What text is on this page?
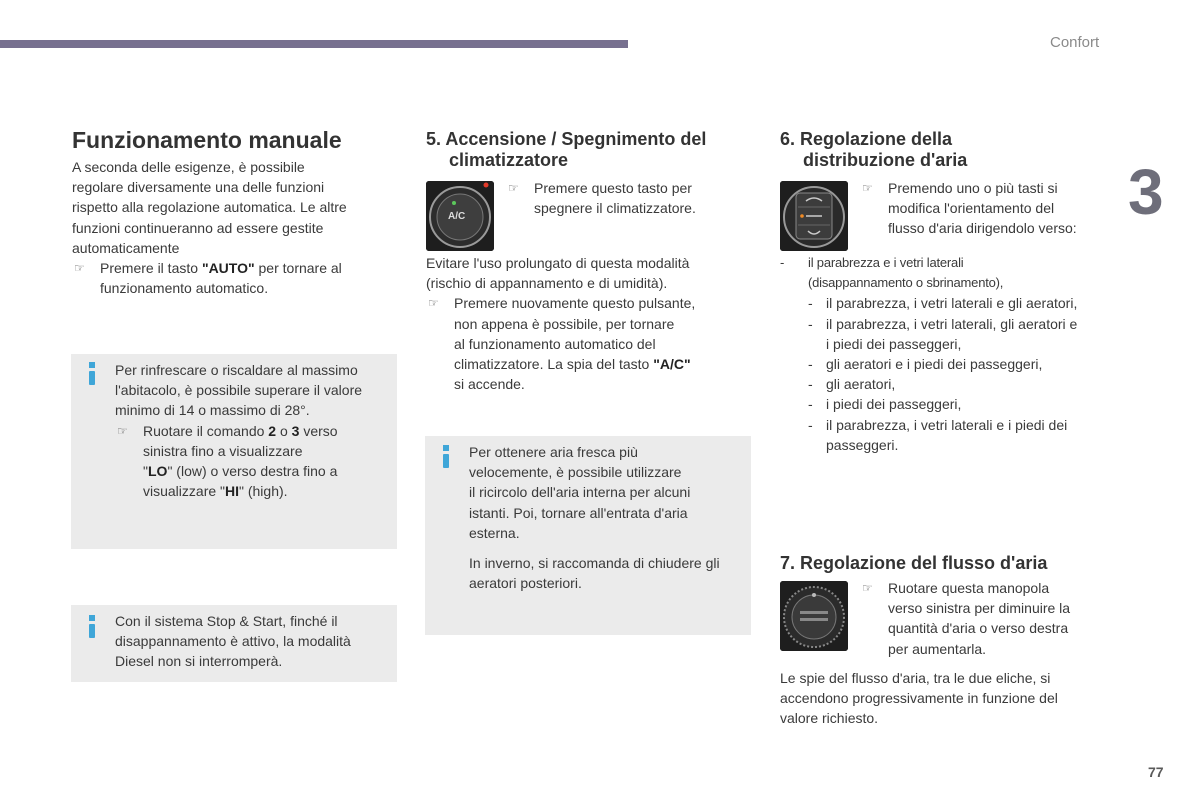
Confort
3
77
Funzionamento manuale
A seconda delle esigenze, è possibile
regolare diversamente una delle funzioni
rispetto alla regolazione automatica. Le altre
funzioni continueranno ad essere gestite
automaticamente
☞	Premere il tasto "AUTO" per tornare al
funzionamento automatico.
Per rinfrescare o riscaldare al massimo
l'abitacolo, è possibile superare il valore
minimo di 14 o massimo di 28°.
☞	Ruotare il comando 2 o 3 verso
sinistra fino a visualizzare
"LO" (low) o verso destra fino a
visualizzare "HI" (high).
Con il sistema Stop & Start, finché il
disappannamento è attivo, la modalità
Diesel non si interromperà.
5. Accensione / Spegnimento del
climatizzatore
A/C
☞	Premere questo tasto per
spegnere il climatizzatore.
Evitare l'uso prolungato di questa modalità
(rischio di appannamento e di umidità).
☞	Premere nuovamente questo pulsante,
non appena è possibile, per tornare
al funzionamento automatico del
climatizzatore. La spia del tasto "A/C"
si accende.
Per ottenere aria fresca più
velocemente, è possibile utilizzare
il ricircolo dell'aria interna per alcuni
istanti. Poi, tornare all'entrata d'aria
esterna.
In inverno, si raccomanda di chiudere gli
aeratori posteriori.
6. Regolazione della
distribuzione d'aria
☞	Premendo uno o più tasti si
modifica l'orientamento del
flusso d'aria dirigendolo verso:
-	il parabrezza e i vetri laterali
(disappannamento o sbrinamento),
- il parabrezza, i vetri laterali e gli aeratori,
- il parabrezza, i vetri laterali, gli aeratori e
i piedi dei passeggeri,
- gli aeratori e i piedi dei passeggeri,
- gli aeratori,
- i piedi dei passeggeri,
- il parabrezza, i vetri laterali e i piedi dei
passeggeri.
7. Regolazione del flusso d'aria
☞	Ruotare questa manopola
verso sinistra per diminuire la
quantità d'aria o verso destra
per aumentarla.
Le spie del flusso d'aria, tra le due eliche, si
accendono progressivamente in funzione del
valore richiesto.
